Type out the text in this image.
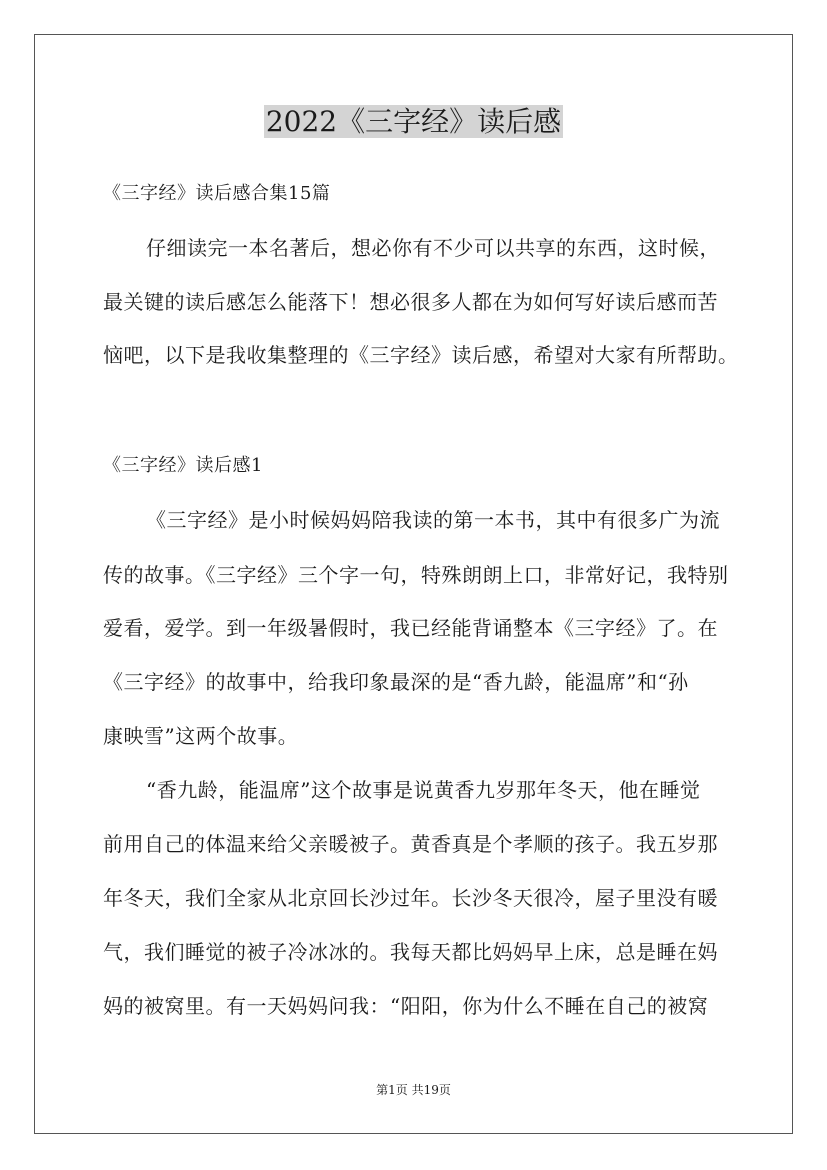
2022《三字经》读后感
《三字经》读后感合集15篇
仔细读完一本名著后，想必你有不少可以共享的东西，这时候，
最关键的读后感怎么能落下！想必很多人都在为如何写好读后感而苦
恼吧，以下是我收集整理的《三字经》读后感，希望对大家有所帮助。
《三字经》读后感1
《三字经》是小时候妈妈陪我读的第一本书，其中有很多广为流
传的故事。《三字经》三个字一句，特殊朗朗上口，非常好记，我特别
爱看，爱学。到一年级暑假时，我已经能背诵整本《三字经》了。在
《三字经》的故事中，给我印象最深的是“香九龄，能温席”和“孙
康映雪”这两个故事。
“香九龄，能温席”这个故事是说黄香九岁那年冬天，他在睡觉
前用自己的体温来给父亲暖被子。黄香真是个孝顺的孩子。我五岁那
年冬天，我们全家从北京回长沙过年。长沙冬天很冷，屋子里没有暖
气，我们睡觉的被子冷冰冰的。我每天都比妈妈早上床，总是睡在妈
妈的被窝里。有一天妈妈问我：“阳阳，你为什么不睡在自己的被窝
第1页 共19页
